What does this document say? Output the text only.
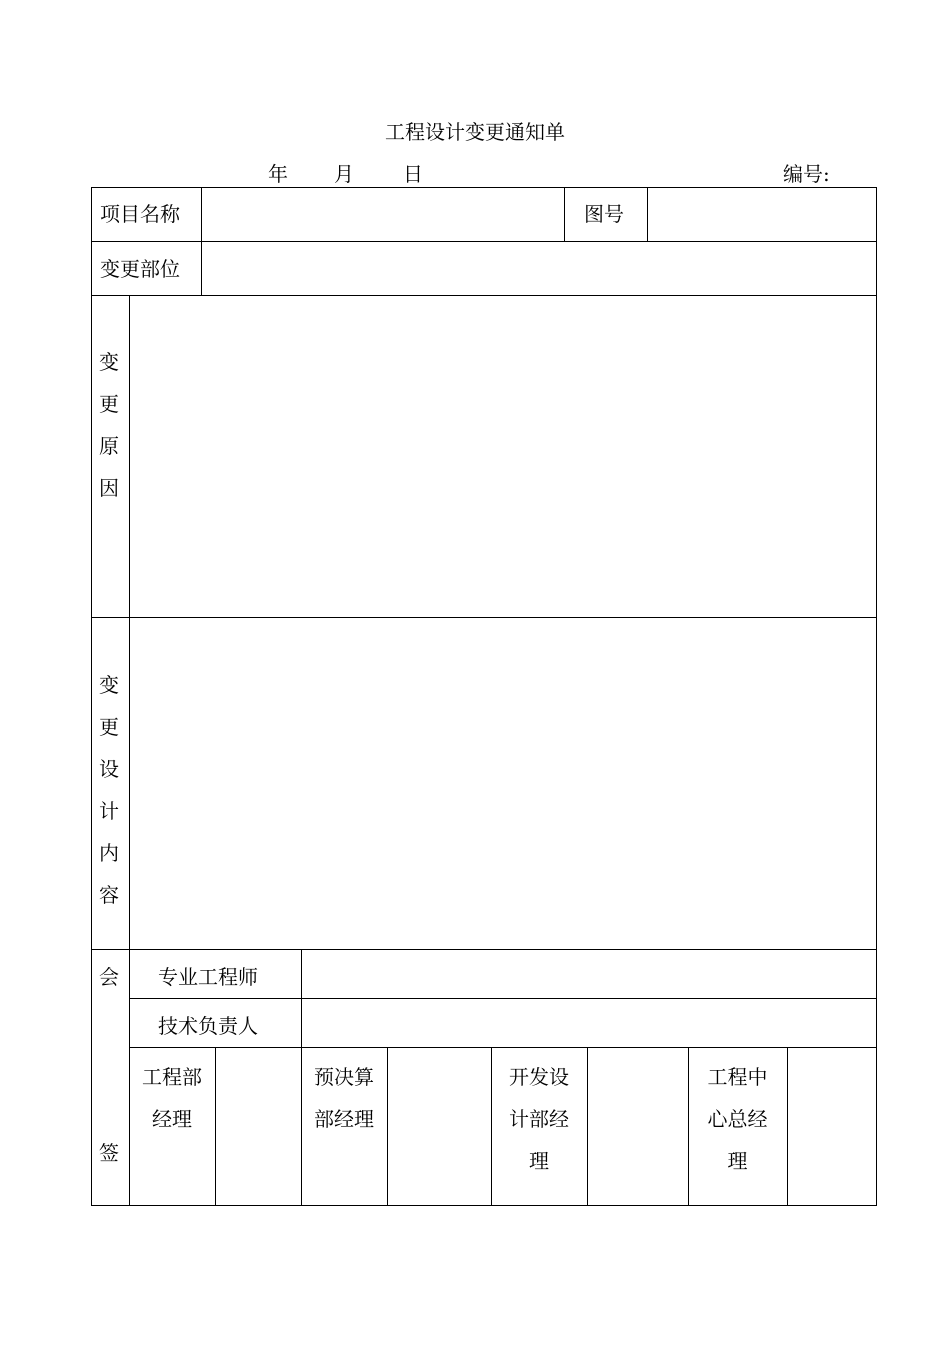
工程设计变更通知单
年 月 日	编号:
项目名称	图号
变更部位
变
更
原
因
变
更
设
计
内
容
会
签
专业工程师
技术负责人
工程部
经理
预决算
部经理
开发设
计部经
理
工程中
心总经
理
